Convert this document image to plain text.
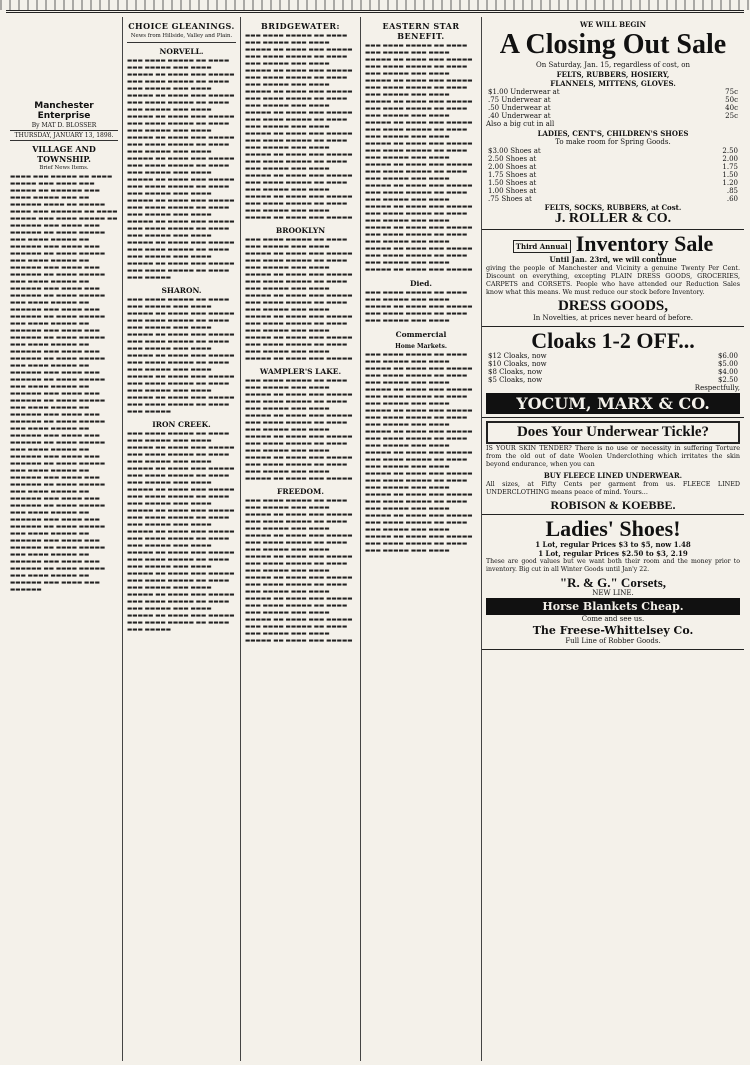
Manchester Enterprise
By MAT D. BLOSSER
THURSDAY, JANUARY 13, 1898.
VILLAGE AND TOWNSHIP.
Brief News Items.
▬▬▬▬ ▬▬▬ ▬▬▬▬▬ ▬▬ ▬▬▬▬ ▬▬▬▬▬ ▬▬▬ ▬▬▬▬ ▬▬▬ ▬▬▬▬▬ ▬▬ ▬▬▬▬▬▬ ▬▬▬ ▬▬▬▬ ▬▬▬▬▬ ▬▬▬ ▬▬ ▬▬▬▬▬▬ ▬▬▬▬ ▬▬ ▬▬▬▬▬ ▬▬▬▬ ▬▬▬ ▬▬▬▬▬▬ ▬▬ ▬▬▬▬ ▬▬▬▬▬ ▬▬▬ ▬▬▬▬ ▬▬▬▬▬ ▬▬ ▬▬▬▬▬▬ ▬▬▬ ▬▬▬▬ ▬▬▬ ▬▬▬▬▬▬ ▬▬ ▬▬▬▬ ▬▬▬▬▬ ▬▬▬ ▬▬▬▬ ▬▬▬▬▬ ▬▬ ▬▬▬▬▬▬ ▬▬▬ ▬▬▬▬ ▬▬▬ ▬▬▬▬▬▬ ▬▬ ▬▬▬▬ ▬▬▬▬▬ ▬▬▬ ▬▬▬▬ ▬▬▬▬▬ ▬▬ ▬▬▬▬▬▬ ▬▬▬ ▬▬▬▬ ▬▬▬ ▬▬▬▬▬▬ ▬▬ ▬▬▬▬ ▬▬▬▬▬ ▬▬▬ ▬▬▬▬ ▬▬▬▬▬ ▬▬ ▬▬▬▬▬▬ ▬▬▬ ▬▬▬▬ ▬▬▬ ▬▬▬▬▬▬ ▬▬ ▬▬▬▬ ▬▬▬▬▬ ▬▬▬ ▬▬▬▬ ▬▬▬▬▬ ▬▬ ▬▬▬▬▬▬ ▬▬▬ ▬▬▬▬ ▬▬▬ ▬▬▬▬▬▬ ▬▬ ▬▬▬▬ ▬▬▬▬▬ ▬▬▬ ▬▬▬▬ ▬▬▬▬▬ ▬▬ ▬▬▬▬▬▬ ▬▬▬ ▬▬▬▬ ▬▬▬ ▬▬▬▬▬▬ ▬▬ ▬▬▬▬ ▬▬▬▬▬ ▬▬▬ ▬▬▬▬ ▬▬▬▬▬ ▬▬ ▬▬▬▬▬▬ ▬▬▬ ▬▬▬▬ ▬▬▬ ▬▬▬▬▬▬ ▬▬ ▬▬▬▬ ▬▬▬▬▬ ▬▬▬ ▬▬▬▬ ▬▬▬▬▬ ▬▬ ▬▬▬▬▬▬ ▬▬▬ ▬▬▬▬ ▬▬▬ ▬▬▬▬▬▬ ▬▬ ▬▬▬▬ ▬▬▬▬▬ ▬▬▬ ▬▬▬▬ ▬▬▬▬▬ ▬▬ ▬▬▬▬▬▬ ▬▬▬ ▬▬▬▬ ▬▬▬ ▬▬▬▬▬▬ ▬▬ ▬▬▬▬ ▬▬▬▬▬ ▬▬▬ ▬▬▬▬ ▬▬▬▬▬ ▬▬ ▬▬▬▬▬▬ ▬▬▬ ▬▬▬▬ ▬▬▬ ▬▬▬▬▬▬ ▬▬ ▬▬▬▬ ▬▬▬▬▬ ▬▬▬ ▬▬▬▬ ▬▬▬▬▬ ▬▬ ▬▬▬▬▬▬ ▬▬▬ ▬▬▬▬ ▬▬▬ ▬▬▬▬▬▬ ▬▬ ▬▬▬▬ ▬▬▬▬▬ ▬▬▬ ▬▬▬▬ ▬▬▬▬▬ ▬▬ ▬▬▬▬▬▬ ▬▬▬ ▬▬▬▬ ▬▬▬ ▬▬▬▬▬▬ ▬▬ ▬▬▬▬ ▬▬▬▬▬ ▬▬▬ ▬▬▬▬ ▬▬▬▬▬ ▬▬ ▬▬▬▬▬▬ ▬▬▬ ▬▬▬▬ ▬▬▬ ▬▬▬▬▬▬ ▬▬ ▬▬▬▬ ▬▬▬▬▬ ▬▬▬ ▬▬▬▬ ▬▬▬▬▬ ▬▬ ▬▬▬▬▬▬ ▬▬▬ ▬▬▬▬ ▬▬▬ ▬▬▬▬▬▬ ▬▬ ▬▬▬▬ ▬▬▬▬▬ ▬▬▬ ▬▬▬▬ ▬▬▬▬▬ ▬▬ ▬▬▬▬▬▬ ▬▬▬ ▬▬▬▬ ▬▬▬ ▬▬▬▬▬▬ ▬▬ ▬▬▬▬ ▬▬▬▬▬ ▬▬▬ ▬▬▬▬ ▬▬▬▬▬ ▬▬ ▬▬▬▬▬▬ ▬▬▬ ▬▬▬▬ ▬▬▬ ▬▬▬▬▬▬ ▬▬ ▬▬▬▬ ▬▬▬▬▬ ▬▬▬ ▬▬▬▬ ▬▬▬▬▬ ▬▬ ▬▬▬▬▬▬ ▬▬▬ ▬▬▬▬ ▬▬▬ ▬▬▬▬▬▬ ▬▬ ▬▬▬▬ ▬▬▬▬▬ ▬▬▬ ▬▬▬▬ ▬▬▬▬▬ ▬▬ ▬▬▬▬▬▬ ▬▬▬ ▬▬▬▬ ▬▬▬ ▬▬▬▬▬▬
CHOICE GLEANINGS.
News from Hillside, Valley and Plain.
NORVELL.
▬▬▬ ▬▬▬▬ ▬▬▬▬▬ ▬▬ ▬▬▬▬ ▬▬▬ ▬▬▬▬▬ ▬▬▬ ▬▬▬▬ ▬▬▬▬▬ ▬▬ ▬▬▬▬ ▬▬▬ ▬▬▬▬▬ ▬▬▬ ▬▬▬▬ ▬▬▬▬▬ ▬▬ ▬▬▬▬ ▬▬▬ ▬▬▬▬▬ ▬▬▬ ▬▬▬▬ ▬▬▬▬▬ ▬▬ ▬▬▬▬ ▬▬▬ ▬▬▬▬▬ ▬▬▬ ▬▬▬▬ ▬▬▬▬▬ ▬▬ ▬▬▬▬ ▬▬▬ ▬▬▬▬▬ ▬▬▬ ▬▬▬▬ ▬▬▬▬▬ ▬▬ ▬▬▬▬ ▬▬▬ ▬▬▬▬▬ ▬▬▬ ▬▬▬▬ ▬▬▬▬▬ ▬▬ ▬▬▬▬ ▬▬▬ ▬▬▬▬▬ ▬▬▬ ▬▬▬▬ ▬▬▬▬▬ ▬▬ ▬▬▬▬ ▬▬▬ ▬▬▬▬▬ ▬▬▬ ▬▬▬▬ ▬▬▬▬▬ ▬▬ ▬▬▬▬ ▬▬▬ ▬▬▬▬▬ ▬▬▬ ▬▬▬▬ ▬▬▬▬▬ ▬▬ ▬▬▬▬ ▬▬▬ ▬▬▬▬▬ ▬▬▬ ▬▬▬▬ ▬▬▬▬▬ ▬▬ ▬▬▬▬ ▬▬▬ ▬▬▬▬▬ ▬▬▬ ▬▬▬▬ ▬▬▬▬▬ ▬▬ ▬▬▬▬ ▬▬▬ ▬▬▬▬▬ ▬▬▬ ▬▬▬▬ ▬▬▬▬▬ ▬▬ ▬▬▬▬ ▬▬▬ ▬▬▬▬▬ ▬▬▬ ▬▬▬▬ ▬▬▬▬▬ ▬▬ ▬▬▬▬ ▬▬▬ ▬▬▬▬▬ ▬▬▬ ▬▬▬▬ ▬▬▬▬▬ ▬▬ ▬▬▬▬ ▬▬▬ ▬▬▬▬▬ ▬▬▬ ▬▬▬▬ ▬▬▬▬▬ ▬▬ ▬▬▬▬ ▬▬▬ ▬▬▬▬▬ ▬▬▬ ▬▬▬▬ ▬▬▬▬▬ ▬▬ ▬▬▬▬ ▬▬▬ ▬▬▬▬▬ ▬▬▬ ▬▬▬▬ ▬▬▬▬▬ ▬▬ ▬▬▬▬ ▬▬▬ ▬▬▬▬▬ ▬▬▬ ▬▬▬▬ ▬▬▬▬▬ ▬▬ ▬▬▬▬ ▬▬▬ ▬▬▬▬▬ ▬▬▬ ▬▬▬▬ ▬▬▬▬▬ ▬▬ ▬▬▬▬ ▬▬▬ ▬▬▬▬▬ ▬▬▬ ▬▬▬▬ ▬▬▬▬▬ ▬▬ ▬▬▬▬ ▬▬▬ ▬▬▬▬▬
SHARON.
▬▬▬ ▬▬▬▬ ▬▬▬▬▬ ▬▬ ▬▬▬▬ ▬▬▬ ▬▬▬▬▬ ▬▬▬ ▬▬▬▬ ▬▬▬▬▬ ▬▬ ▬▬▬▬ ▬▬▬ ▬▬▬▬▬ ▬▬▬ ▬▬▬▬ ▬▬▬▬▬ ▬▬ ▬▬▬▬ ▬▬▬ ▬▬▬▬▬ ▬▬▬ ▬▬▬▬ ▬▬▬▬▬ ▬▬ ▬▬▬▬ ▬▬▬ ▬▬▬▬▬ ▬▬▬ ▬▬▬▬ ▬▬▬▬▬ ▬▬ ▬▬▬▬ ▬▬▬ ▬▬▬▬▬ ▬▬▬ ▬▬▬▬ ▬▬▬▬▬ ▬▬ ▬▬▬▬ ▬▬▬ ▬▬▬▬▬ ▬▬▬ ▬▬▬▬ ▬▬▬▬▬ ▬▬ ▬▬▬▬ ▬▬▬ ▬▬▬▬▬ ▬▬▬ ▬▬▬▬ ▬▬▬▬▬ ▬▬ ▬▬▬▬ ▬▬▬ ▬▬▬▬▬ ▬▬▬ ▬▬▬▬ ▬▬▬▬▬ ▬▬ ▬▬▬▬ ▬▬▬ ▬▬▬▬▬ ▬▬▬ ▬▬▬▬ ▬▬▬▬▬ ▬▬ ▬▬▬▬ ▬▬▬ ▬▬▬▬▬ ▬▬▬ ▬▬▬▬ ▬▬▬▬▬ ▬▬ ▬▬▬▬ ▬▬▬ ▬▬▬▬▬
IRON CREEK.
▬▬▬ ▬▬▬▬ ▬▬▬▬▬ ▬▬ ▬▬▬▬ ▬▬▬ ▬▬▬▬▬ ▬▬▬ ▬▬▬▬ ▬▬▬▬▬ ▬▬ ▬▬▬▬ ▬▬▬ ▬▬▬▬▬ ▬▬▬ ▬▬▬▬ ▬▬▬▬▬ ▬▬ ▬▬▬▬ ▬▬▬ ▬▬▬▬▬ ▬▬▬ ▬▬▬▬ ▬▬▬▬▬ ▬▬ ▬▬▬▬ ▬▬▬ ▬▬▬▬▬ ▬▬▬ ▬▬▬▬ ▬▬▬▬▬ ▬▬ ▬▬▬▬ ▬▬▬ ▬▬▬▬▬ ▬▬▬ ▬▬▬▬ ▬▬▬▬▬ ▬▬ ▬▬▬▬ ▬▬▬ ▬▬▬▬▬ ▬▬▬ ▬▬▬▬ ▬▬▬▬▬ ▬▬ ▬▬▬▬ ▬▬▬ ▬▬▬▬▬ ▬▬▬ ▬▬▬▬ ▬▬▬▬▬ ▬▬ ▬▬▬▬ ▬▬▬ ▬▬▬▬▬ ▬▬▬ ▬▬▬▬ ▬▬▬▬▬ ▬▬ ▬▬▬▬ ▬▬▬ ▬▬▬▬▬ ▬▬▬ ▬▬▬▬ ▬▬▬▬▬ ▬▬ ▬▬▬▬ ▬▬▬ ▬▬▬▬▬ ▬▬▬ ▬▬▬▬ ▬▬▬▬▬ ▬▬ ▬▬▬▬ ▬▬▬ ▬▬▬▬▬ ▬▬▬ ▬▬▬▬ ▬▬▬▬▬ ▬▬ ▬▬▬▬ ▬▬▬ ▬▬▬▬▬ ▬▬▬ ▬▬▬▬ ▬▬▬▬▬ ▬▬ ▬▬▬▬ ▬▬▬ ▬▬▬▬▬ ▬▬▬ ▬▬▬▬ ▬▬▬▬▬ ▬▬ ▬▬▬▬ ▬▬▬ ▬▬▬▬▬ ▬▬▬ ▬▬▬▬ ▬▬▬▬▬ ▬▬ ▬▬▬▬ ▬▬▬ ▬▬▬▬▬ ▬▬▬ ▬▬▬▬ ▬▬▬▬▬ ▬▬ ▬▬▬▬ ▬▬▬ ▬▬▬▬▬ ▬▬▬ ▬▬▬▬ ▬▬▬▬▬ ▬▬ ▬▬▬▬ ▬▬▬ ▬▬▬▬▬ ▬▬▬ ▬▬▬▬ ▬▬▬▬▬ ▬▬ ▬▬▬▬ ▬▬▬ ▬▬▬▬▬ ▬▬▬ ▬▬▬▬ ▬▬▬▬▬ ▬▬ ▬▬▬▬ ▬▬▬ ▬▬▬▬▬
BRIDGEWATER:
▬▬▬ ▬▬▬▬ ▬▬▬▬▬ ▬▬ ▬▬▬▬ ▬▬▬ ▬▬▬▬▬ ▬▬▬ ▬▬▬▬ ▬▬▬▬▬ ▬▬ ▬▬▬▬ ▬▬▬ ▬▬▬▬▬ ▬▬▬ ▬▬▬▬ ▬▬▬▬▬ ▬▬ ▬▬▬▬ ▬▬▬ ▬▬▬▬▬ ▬▬▬ ▬▬▬▬ ▬▬▬▬▬ ▬▬ ▬▬▬▬ ▬▬▬ ▬▬▬▬▬ ▬▬▬ ▬▬▬▬ ▬▬▬▬▬ ▬▬ ▬▬▬▬ ▬▬▬ ▬▬▬▬▬ ▬▬▬ ▬▬▬▬ ▬▬▬▬▬ ▬▬ ▬▬▬▬ ▬▬▬ ▬▬▬▬▬ ▬▬▬ ▬▬▬▬ ▬▬▬▬▬ ▬▬ ▬▬▬▬ ▬▬▬ ▬▬▬▬▬ ▬▬▬ ▬▬▬▬ ▬▬▬▬▬ ▬▬ ▬▬▬▬ ▬▬▬ ▬▬▬▬▬ ▬▬▬ ▬▬▬▬ ▬▬▬▬▬ ▬▬ ▬▬▬▬ ▬▬▬ ▬▬▬▬▬ ▬▬▬ ▬▬▬▬ ▬▬▬▬▬ ▬▬ ▬▬▬▬ ▬▬▬ ▬▬▬▬▬ ▬▬▬ ▬▬▬▬ ▬▬▬▬▬ ▬▬ ▬▬▬▬ ▬▬▬ ▬▬▬▬▬ ▬▬▬ ▬▬▬▬ ▬▬▬▬▬ ▬▬ ▬▬▬▬ ▬▬▬ ▬▬▬▬▬ ▬▬▬ ▬▬▬▬ ▬▬▬▬▬ ▬▬ ▬▬▬▬ ▬▬▬ ▬▬▬▬▬ ▬▬▬ ▬▬▬▬ ▬▬▬▬▬ ▬▬ ▬▬▬▬ ▬▬▬ ▬▬▬▬▬ ▬▬▬ ▬▬▬▬ ▬▬▬▬▬ ▬▬ ▬▬▬▬ ▬▬▬ ▬▬▬▬▬ ▬▬▬ ▬▬▬▬ ▬▬▬▬▬ ▬▬ ▬▬▬▬ ▬▬▬ ▬▬▬▬▬ ▬▬▬ ▬▬▬▬ ▬▬▬▬▬ ▬▬ ▬▬▬▬ ▬▬▬ ▬▬▬▬▬ ▬▬▬ ▬▬▬▬ ▬▬▬▬▬ ▬▬ ▬▬▬▬ ▬▬▬ ▬▬▬▬▬
BROOKLYN
▬▬▬ ▬▬▬▬ ▬▬▬▬▬ ▬▬ ▬▬▬▬ ▬▬▬ ▬▬▬▬▬ ▬▬▬ ▬▬▬▬ ▬▬▬▬▬ ▬▬ ▬▬▬▬ ▬▬▬ ▬▬▬▬▬ ▬▬▬ ▬▬▬▬ ▬▬▬▬▬ ▬▬ ▬▬▬▬ ▬▬▬ ▬▬▬▬▬ ▬▬▬ ▬▬▬▬ ▬▬▬▬▬ ▬▬ ▬▬▬▬ ▬▬▬ ▬▬▬▬▬ ▬▬▬ ▬▬▬▬ ▬▬▬▬▬ ▬▬ ▬▬▬▬ ▬▬▬ ▬▬▬▬▬ ▬▬▬ ▬▬▬▬ ▬▬▬▬▬ ▬▬ ▬▬▬▬ ▬▬▬ ▬▬▬▬▬ ▬▬▬ ▬▬▬▬ ▬▬▬▬▬ ▬▬ ▬▬▬▬ ▬▬▬ ▬▬▬▬▬ ▬▬▬ ▬▬▬▬ ▬▬▬▬▬ ▬▬ ▬▬▬▬ ▬▬▬ ▬▬▬▬▬ ▬▬▬ ▬▬▬▬ ▬▬▬▬▬ ▬▬ ▬▬▬▬ ▬▬▬ ▬▬▬▬▬ ▬▬▬ ▬▬▬▬ ▬▬▬▬▬ ▬▬ ▬▬▬▬ ▬▬▬ ▬▬▬▬▬ ▬▬▬ ▬▬▬▬ ▬▬▬▬▬ ▬▬ ▬▬▬▬ ▬▬▬ ▬▬▬▬▬ ▬▬▬ ▬▬▬▬ ▬▬▬▬▬ ▬▬ ▬▬▬▬ ▬▬▬ ▬▬▬▬▬
WAMPLER'S LAKE.
▬▬▬ ▬▬▬▬ ▬▬▬▬▬ ▬▬ ▬▬▬▬ ▬▬▬ ▬▬▬▬▬ ▬▬▬ ▬▬▬▬ ▬▬▬▬▬ ▬▬ ▬▬▬▬ ▬▬▬ ▬▬▬▬▬ ▬▬▬ ▬▬▬▬ ▬▬▬▬▬ ▬▬ ▬▬▬▬ ▬▬▬ ▬▬▬▬▬ ▬▬▬ ▬▬▬▬ ▬▬▬▬▬ ▬▬ ▬▬▬▬ ▬▬▬ ▬▬▬▬▬ ▬▬▬ ▬▬▬▬ ▬▬▬▬▬ ▬▬ ▬▬▬▬ ▬▬▬ ▬▬▬▬▬ ▬▬▬ ▬▬▬▬ ▬▬▬▬▬ ▬▬ ▬▬▬▬ ▬▬▬ ▬▬▬▬▬ ▬▬▬ ▬▬▬▬ ▬▬▬▬▬ ▬▬ ▬▬▬▬ ▬▬▬ ▬▬▬▬▬ ▬▬▬ ▬▬▬▬ ▬▬▬▬▬ ▬▬ ▬▬▬▬ ▬▬▬ ▬▬▬▬▬ ▬▬▬ ▬▬▬▬ ▬▬▬▬▬ ▬▬ ▬▬▬▬ ▬▬▬ ▬▬▬▬▬ ▬▬▬ ▬▬▬▬ ▬▬▬▬▬ ▬▬ ▬▬▬▬ ▬▬▬ ▬▬▬▬▬
FREEDOM.
▬▬▬ ▬▬▬▬ ▬▬▬▬▬ ▬▬ ▬▬▬▬ ▬▬▬ ▬▬▬▬▬ ▬▬▬ ▬▬▬▬ ▬▬▬▬▬ ▬▬ ▬▬▬▬ ▬▬▬ ▬▬▬▬▬ ▬▬▬ ▬▬▬▬ ▬▬▬▬▬ ▬▬ ▬▬▬▬ ▬▬▬ ▬▬▬▬▬ ▬▬▬ ▬▬▬▬ ▬▬▬▬▬ ▬▬ ▬▬▬▬ ▬▬▬ ▬▬▬▬▬ ▬▬▬ ▬▬▬▬ ▬▬▬▬▬ ▬▬ ▬▬▬▬ ▬▬▬ ▬▬▬▬▬ ▬▬▬ ▬▬▬▬ ▬▬▬▬▬ ▬▬ ▬▬▬▬ ▬▬▬ ▬▬▬▬▬ ▬▬▬ ▬▬▬▬ ▬▬▬▬▬ ▬▬ ▬▬▬▬ ▬▬▬ ▬▬▬▬▬ ▬▬▬ ▬▬▬▬ ▬▬▬▬▬ ▬▬ ▬▬▬▬ ▬▬▬ ▬▬▬▬▬ ▬▬▬ ▬▬▬▬ ▬▬▬▬▬ ▬▬ ▬▬▬▬ ▬▬▬ ▬▬▬▬▬ ▬▬▬ ▬▬▬▬ ▬▬▬▬▬ ▬▬ ▬▬▬▬ ▬▬▬ ▬▬▬▬▬ ▬▬▬ ▬▬▬▬ ▬▬▬▬▬ ▬▬ ▬▬▬▬ ▬▬▬ ▬▬▬▬▬ ▬▬▬ ▬▬▬▬ ▬▬▬▬▬ ▬▬ ▬▬▬▬ ▬▬▬ ▬▬▬▬▬ ▬▬▬ ▬▬▬▬ ▬▬▬▬▬ ▬▬ ▬▬▬▬ ▬▬▬ ▬▬▬▬▬ ▬▬▬ ▬▬▬▬ ▬▬▬▬▬ ▬▬ ▬▬▬▬ ▬▬▬ ▬▬▬▬▬
EASTERN STAR BENEFIT.
▬▬▬ ▬▬▬▬ ▬▬▬▬▬ ▬▬ ▬▬▬▬ ▬▬▬ ▬▬▬▬▬ ▬▬▬ ▬▬▬▬ ▬▬▬▬▬ ▬▬ ▬▬▬▬ ▬▬▬ ▬▬▬▬▬ ▬▬▬ ▬▬▬▬ ▬▬▬▬▬ ▬▬ ▬▬▬▬ ▬▬▬ ▬▬▬▬▬ ▬▬▬ ▬▬▬▬ ▬▬▬▬▬ ▬▬ ▬▬▬▬ ▬▬▬ ▬▬▬▬▬ ▬▬▬ ▬▬▬▬ ▬▬▬▬▬ ▬▬ ▬▬▬▬ ▬▬▬ ▬▬▬▬▬ ▬▬▬ ▬▬▬▬ ▬▬▬▬▬ ▬▬ ▬▬▬▬ ▬▬▬ ▬▬▬▬▬ ▬▬▬ ▬▬▬▬ ▬▬▬▬▬ ▬▬ ▬▬▬▬ ▬▬▬ ▬▬▬▬▬ ▬▬▬ ▬▬▬▬ ▬▬▬▬▬ ▬▬ ▬▬▬▬ ▬▬▬ ▬▬▬▬▬ ▬▬▬ ▬▬▬▬ ▬▬▬▬▬ ▬▬ ▬▬▬▬ ▬▬▬ ▬▬▬▬▬ ▬▬▬ ▬▬▬▬ ▬▬▬▬▬ ▬▬ ▬▬▬▬ ▬▬▬ ▬▬▬▬▬ ▬▬▬ ▬▬▬▬ ▬▬▬▬▬ ▬▬ ▬▬▬▬ ▬▬▬ ▬▬▬▬▬ ▬▬▬ ▬▬▬▬ ▬▬▬▬▬ ▬▬ ▬▬▬▬ ▬▬▬ ▬▬▬▬▬ ▬▬▬ ▬▬▬▬ ▬▬▬▬▬ ▬▬ ▬▬▬▬ ▬▬▬ ▬▬▬▬▬ ▬▬▬ ▬▬▬▬ ▬▬▬▬▬ ▬▬ ▬▬▬▬ ▬▬▬ ▬▬▬▬▬ ▬▬▬ ▬▬▬▬ ▬▬▬▬▬ ▬▬ ▬▬▬▬ ▬▬▬ ▬▬▬▬▬ ▬▬▬ ▬▬▬▬ ▬▬▬▬▬ ▬▬ ▬▬▬▬ ▬▬▬ ▬▬▬▬▬ ▬▬▬ ▬▬▬▬ ▬▬▬▬▬ ▬▬ ▬▬▬▬ ▬▬▬ ▬▬▬▬▬ ▬▬▬ ▬▬▬▬ ▬▬▬▬▬ ▬▬ ▬▬▬▬ ▬▬▬ ▬▬▬▬▬ ▬▬▬ ▬▬▬▬ ▬▬▬▬▬ ▬▬ ▬▬▬▬ ▬▬▬ ▬▬▬▬▬ ▬▬▬ ▬▬▬▬ ▬▬▬▬▬ ▬▬ ▬▬▬▬ ▬▬▬ ▬▬▬▬▬ ▬▬▬ ▬▬▬▬ ▬▬▬▬▬ ▬▬ ▬▬▬▬ ▬▬▬ ▬▬▬▬▬ ▬▬▬ ▬▬▬▬ ▬▬▬▬▬ ▬▬ ▬▬▬▬ ▬▬▬ ▬▬▬▬▬
Died.
▬▬▬ ▬▬▬▬ ▬▬▬▬▬ ▬▬ ▬▬▬▬ ▬▬▬ ▬▬▬▬▬ ▬▬▬ ▬▬▬▬ ▬▬▬▬▬ ▬▬ ▬▬▬▬ ▬▬▬ ▬▬▬▬▬ ▬▬▬ ▬▬▬▬ ▬▬▬▬▬ ▬▬ ▬▬▬▬ ▬▬▬ ▬▬▬▬▬ ▬▬▬ ▬▬▬▬
Commercial
Home Markets.
▬▬▬ ▬▬▬▬ ▬▬▬▬▬ ▬▬ ▬▬▬▬ ▬▬▬ ▬▬▬▬▬ ▬▬▬ ▬▬▬▬ ▬▬▬▬▬ ▬▬ ▬▬▬▬ ▬▬▬ ▬▬▬▬▬ ▬▬▬ ▬▬▬▬ ▬▬▬▬▬ ▬▬ ▬▬▬▬ ▬▬▬ ▬▬▬▬▬ ▬▬▬ ▬▬▬▬ ▬▬▬▬▬ ▬▬ ▬▬▬▬ ▬▬▬ ▬▬▬▬▬ ▬▬▬ ▬▬▬▬ ▬▬▬▬▬ ▬▬ ▬▬▬▬ ▬▬▬ ▬▬▬▬▬ ▬▬▬ ▬▬▬▬ ▬▬▬▬▬ ▬▬ ▬▬▬▬ ▬▬▬ ▬▬▬▬▬ ▬▬▬ ▬▬▬▬ ▬▬▬▬▬ ▬▬ ▬▬▬▬ ▬▬▬ ▬▬▬▬▬ ▬▬▬ ▬▬▬▬ ▬▬▬▬▬ ▬▬ ▬▬▬▬ ▬▬▬ ▬▬▬▬▬ ▬▬▬ ▬▬▬▬ ▬▬▬▬▬ ▬▬ ▬▬▬▬ ▬▬▬ ▬▬▬▬▬ ▬▬▬ ▬▬▬▬ ▬▬▬▬▬ ▬▬ ▬▬▬▬ ▬▬▬ ▬▬▬▬▬ ▬▬▬ ▬▬▬▬ ▬▬▬▬▬ ▬▬ ▬▬▬▬ ▬▬▬ ▬▬▬▬▬ ▬▬▬ ▬▬▬▬ ▬▬▬▬▬ ▬▬ ▬▬▬▬ ▬▬▬ ▬▬▬▬▬ ▬▬▬ ▬▬▬▬ ▬▬▬▬▬ ▬▬ ▬▬▬▬ ▬▬▬ ▬▬▬▬▬ ▬▬▬ ▬▬▬▬ ▬▬▬▬▬ ▬▬ ▬▬▬▬ ▬▬▬ ▬▬▬▬▬ ▬▬▬ ▬▬▬▬ ▬▬▬▬▬ ▬▬ ▬▬▬▬ ▬▬▬ ▬▬▬▬▬ ▬▬▬ ▬▬▬▬ ▬▬▬▬▬ ▬▬ ▬▬▬▬ ▬▬▬ ▬▬▬▬▬ ▬▬▬ ▬▬▬▬ ▬▬▬▬▬ ▬▬ ▬▬▬▬ ▬▬▬ ▬▬▬▬▬ ▬▬▬ ▬▬▬▬ ▬▬▬▬▬ ▬▬ ▬▬▬▬ ▬▬▬ ▬▬▬▬▬ ▬▬▬ ▬▬▬▬ ▬▬▬▬▬ ▬▬ ▬▬▬▬ ▬▬▬ ▬▬▬▬▬ ▬▬▬ ▬▬▬▬
WE WILL BEGIN
A Closing Out Sale
On Saturday, Jan. 15, regardless of cost, on
FELTS, RUBBERS, HOSIERY,
FLANNELS, MITTENS, GLOVES.
$1.00 Underwear at	75c
.75 Underwear at	50c
.50 Underwear at	40c
.40 Underwear at	25c
Also a big cut in all
LADIES, CENT'S, CHILDREN'S SHOES
To make room for Spring Goods.
$3.00 Shoes at	2.50
2.50 Shoes at	2.00
2.00 Shoes at	1.75
1.75 Shoes at	1.50
1.50 Shoes at	1.20
1.00 Shoes at	.85
.75 Shoes at	.60
FELTS, SOCKS, RUBBERS, at Cost.
J. ROLLER & CO.
Third Annual Inventory Sale
Until Jan. 23rd, we will continue
giving the people of Manchester and Vicinity a genuine Twenty Per Cent. Discount on everything, excepting PLAIN DRESS GOODS, GROCERIES, CARPETS and CORSETS. People who have attended our Reduction Sales know what this means. We must reduce our stock before Inventory.
DRESS GOODS,
In Novelties, at prices never heard of before.
Cloaks 1-2 OFF...
$12 Cloaks, now	$6.00
$10 Cloaks, now	$5.00
$8 Cloaks, now	$4.00
$5 Cloaks, now	$2.50
Respectfully,
YOCUM, MARX & CO.
Does Your Underwear Tickle?
IS YOUR SKIN TENDER? There is no use or necessity in suffering Torture from the old out of date Woolen Underclothing which irritates the skin beyond endurance, when you can
BUY FLEECE LINED UNDERWEAR.
All sizes, at Fifty Cents per garment from us. FLEECE LINED UNDERCLOTHING means peace of mind. Yours...
ROBISON & KOEBBE.
Ladies' Shoes!
1 Lot, regular Prices $3 to $5, now 1.48
1 Lot, regular Prices $2.50 to $3, 2.19
These are good values but we want both their room and the money prior to inventory. Big cut in all Winter Goods until Jan'y 22.
"R. & G." Corsets,
NEW LINE.
Horse Blankets Cheap.
Come and see us.
The Freese-Whittelsey Co.
Full Line of Robber Goods.
